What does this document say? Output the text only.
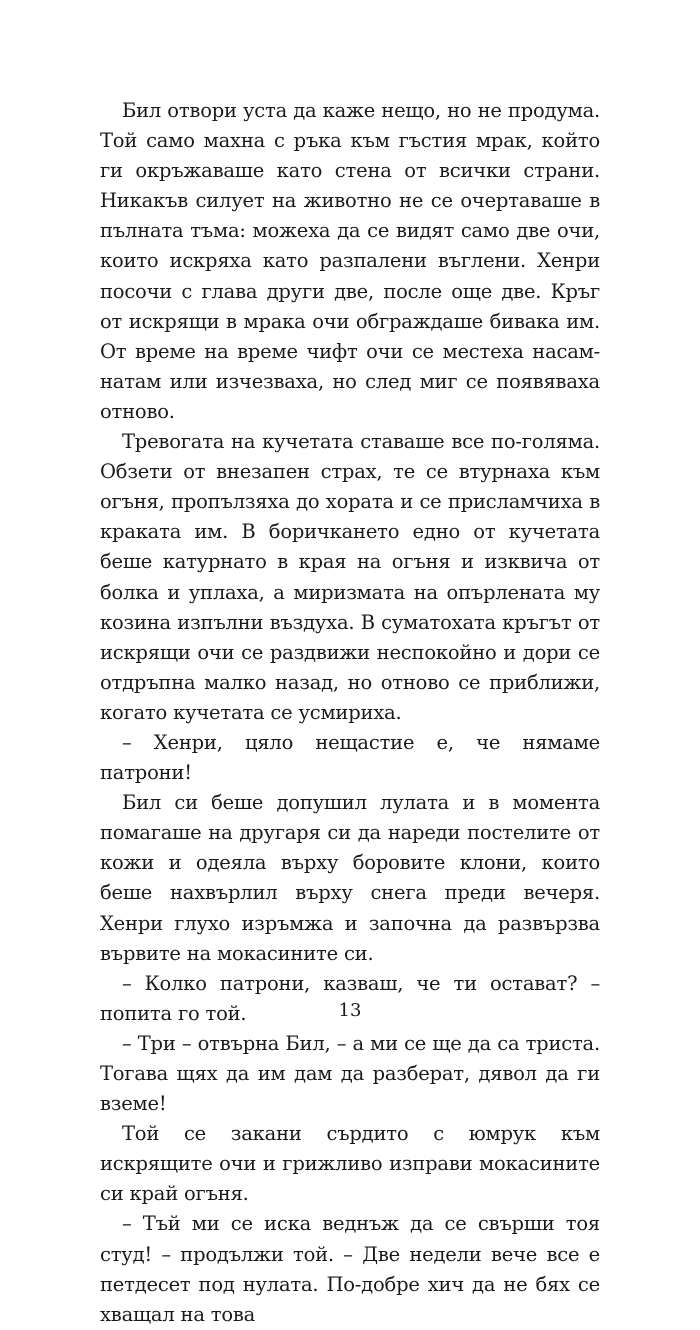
Бил отвори уста да каже нещо, но не продума. Той само махна с ръка към гъстия мрак, който ги окръжаваше като стена от всички страни. Никакъв силует на животно не се очертаваше в пълната тъма: можеха да се видят само две очи, които искряха като разпалени въглени. Хенри посочи с глава други две, после още две. Кръг от искрящи в мрака очи обграждаше бивака им. От време на време чифт очи се местеха насам-натам или изчезваха, но след миг се появяваха отново.

Тревогата на кучетата ставаше все по-голяма. Обзети от внезапен страх, те се втурнаха към огъня, пропълзяха до хората и се присламчиха в краката им. В боричкането едно от кучетата беше катурнато в края на огъня и изквича от болка и уплаха, а миризмата на опърлената му козина изпълни въздуха. В суматохата кръгът от искрящи очи се раздвижи неспокойно и дори се отдръпна малко назад, но отново се приближи, когато кучетата се усмириха.

– Хенри, цяло нещастие е, че нямаме патрони!

Бил си беше допушил лулата и в момента помагаше на другаря си да нареди постелите от кожи и одеяла върху боровите клони, които беше нахвърлил върху снега преди вечеря. Хенри глухо изръмжа и започна да развързва вървите на мокасините си.

– Колко патрони, казваш, че ти остават? – попита го той.

– Три – отвърна Бил, – а ми се ще да са триста. Тогава щях да им дам да разберат, дявол да ги вземе!

Той се закани сърдито с юмрук към искрящите очи и грижливо изправи мокасините си край огъня.

– Тъй ми се иска веднъж да се свърши тоя студ! – продължи той. – Две недели вече все е петдесет под нулата. По-добре хич да не бях се хващал на това

13
